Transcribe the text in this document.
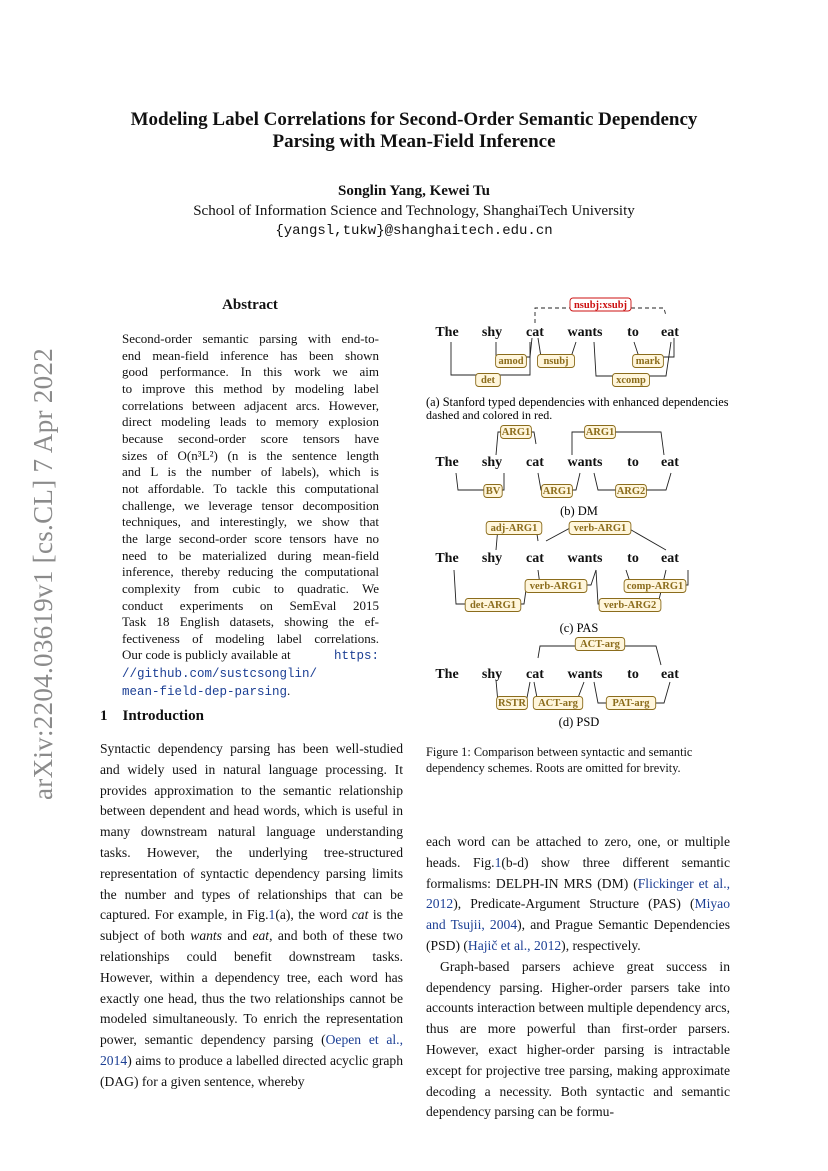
arXiv:2204.03619v1 [cs.CL] 7 Apr 2022
Modeling Label Correlations for Second-Order Semantic Dependency
Parsing with Mean-Field Inference
Songlin Yang, Kewei Tu
School of Information Science and Technology, ShanghaiTech University
{yangsl,tukw}@shanghaitech.edu.cn
Abstract
Second-order semantic parsing with end-to-
end mean-field inference has been shown
good performance. In this work we aim
to improve this method by modeling label
correlations between adjacent arcs. However,
direct modeling leads to memory explosion
because second-order score tensors have
sizes of O(n³L²) (n is the sentence length
and L is the number of labels), which is
not affordable. To tackle this computational
challenge, we leverage tensor decomposition
techniques, and interestingly, we show that
the large second-order score tensors have no
need to be materialized during mean-field
inference, thereby reducing the computational
complexity from cubic to quadratic. We
conduct experiments on SemEval 2015
Task 18 English datasets, showing the ef-
fectiveness of modeling label correlations.
Our code is publicly available at	https:
//github.com/sustcsonglin/
mean-field-dep-parsing.
1 Introduction
Syntactic dependency parsing has been well-studied and widely used in natural language processing. It provides approximation to the semantic relationship between dependent and head words, which is useful in many downstream natural language understanding tasks. However, the underlying tree-structured representation of syntactic dependency parsing limits the number and types of relationships that can be captured. For example, in Fig.1(a), the word cat is the subject of both wants and eat, and both of these two relationships could benefit downstream tasks. However, within a dependency tree, each word has exactly one head, thus the two relationships cannot be modeled simultaneously. To enrich the representation power, semantic dependency parsing (Oepen et al., 2014) aims to produce a labelled directed acyclic graph (DAG) for a given sentence, whereby
each word can be attached to zero, one, or multiple heads. Fig.1(b-d) show three different semantic formalisms: DELPH-IN MRS (DM) (Flickinger et al., 2012), Predicate-Argument Structure (PAS) (Miyao and Tsujii, 2004), and Prague Semantic Dependencies (PSD) (Hajič et al., 2012), respectively.

Graph-based parsers achieve great success in dependency parsing. Higher-order parsers take into accounts interaction between multiple dependency arcs, thus are more powerful than first-order parsers. However, exact higher-order parsing is intractable except for projective tree parsing, making approximate decoding a necessity. Both syntactic and semantic dependency parsing can be formu-

nsubj:xsubj
The shy cat wants to eat
amod nsubj	mark
det	xcomp
(a) Stanford typed dependencies with enhanced dependencies
dashed and colored in red.
The shy cat wants to eat
ARG1	ARG1
BV	ARG1	ARG2
(b) DM
The shy cat wants to eat
adj-ARG1	verb-ARG1
verb-ARG1	comp-ARG1
det-ARG1	verb-ARG2
(c) PAS
The shy cat wants to eat
ACT-arg
RSTR ACT-arg	PAT-arg
(d) PSD
Figure 1: Comparison between syntactic and semantic
dependency schemes. Roots are omitted for brevity.
